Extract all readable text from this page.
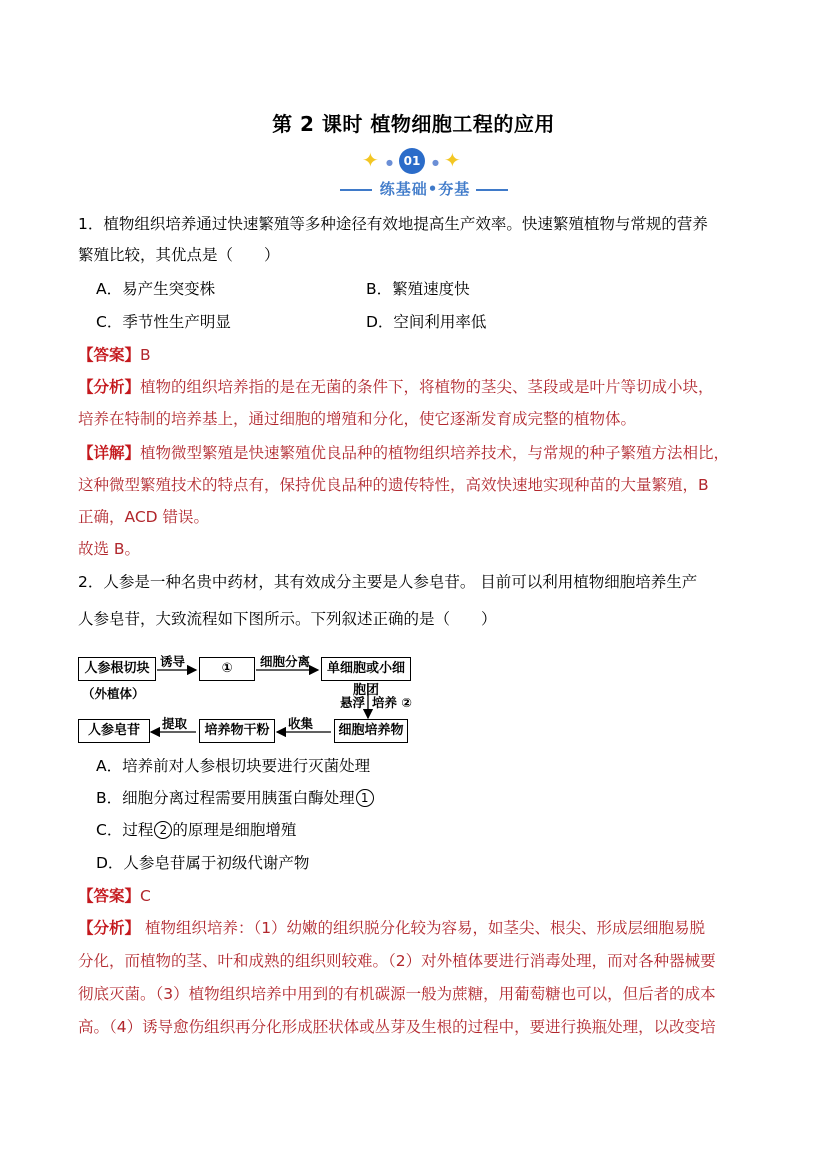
第 2 课时 植物细胞工程的应用
✦ ● 01	● ✦
练基础•夯基
1．植物组织培养通过快速繁殖等多种途径有效地提高生产效率。快速繁殖植物与常规的营养
繁殖比较，其优点是（　　）
A．易产生突变株	B．繁殖速度快
C．季节性生产明显	D．空间利用率低
【答案】B
【分析】植物的组织培养指的是在无菌的条件下，将植物的茎尖、茎段或是叶片等切成小块，
培养在特制的培养基上，通过细胞的增殖和分化，使它逐渐发育成完整的植物体。
【详解】植物微型繁殖是快速繁殖优良品种的植物组织培养技术，与常规的种子繁殖方法相比，
这种微型繁殖技术的特点有，保持优良品种的遗传特性，高效快速地实现种苗的大量繁殖，B
正确，ACD 错误。
故选 B。
2．人参是一种名贵中药材，其有效成分主要是人参皂苷。 目前可以利用植物细胞培养生产
人参皂苷，大致流程如下图所示。下列叙述正确的是（　　）
人参根切块
（外植体）
诱导	①	细胞分离	单细胞或小细胞团
悬浮 培养 ②
细胞培养物
收集
培养物干粉
提取
人参皂苷
A．培养前对人参根切块要进行灭菌处理
B．细胞分离过程需要用胰蛋白酶处理 1
C．过程 2 的原理是细胞增殖
D．人参皂苷属于初级代谢产物
【答案】C
【分析】 植物组织培养：（1）幼嫩的组织脱分化较为容易，如茎尖、根尖、形成层细胞易脱
分化，而植物的茎、叶和成熟的组织则较难。（2）对外植体要进行消毒处理，而对各种器械要
彻底灭菌。（3）植物组织培养中用到的有机碳源一般为蔗糖，用葡萄糖也可以，但后者的成本
高。（4）诱导愈伤组织再分化形成胚状体或丛芽及生根的过程中，要进行换瓶处理，以改变培
